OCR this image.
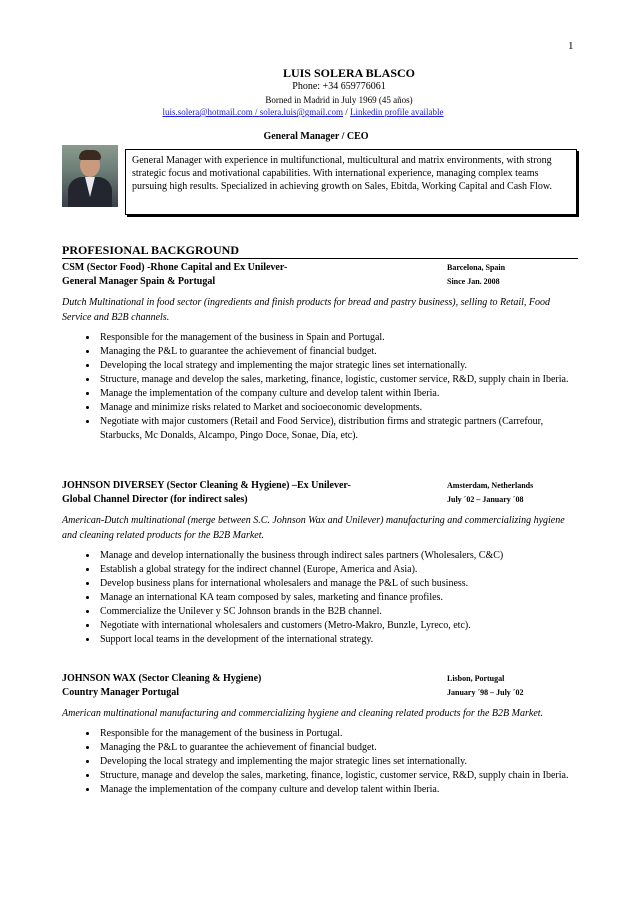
1
LUIS SOLERA BLASCO
Phone: +34 659776061
Borned in Madrid in July 1969 (45 años)
luis.solera@hotmail.com / solera.luis@gmail.com / Linkedin profile available
General Manager / CEO
General Manager with experience in multifunctional, multicultural and matrix environments, with strong strategic focus and motivational capabilities. With international experience, managing complex teams pursuing high results. Specialized in achieving growth on Sales, Ebitda, Working Capital and Cash Flow.
PROFESIONAL BACKGROUND
CSM (Sector Food) -Rhone Capital and Ex Unilever-	Barcelona, Spain
General Manager Spain & Portugal	Since Jan. 2008
Dutch Multinational in food sector (ingredients and finish products for bread and pastry business), selling to Retail, Food Service and B2B channels.
• Responsible for the management of the business in Spain and Portugal.
• Managing the P&L to guarantee the achievement of financial budget.
• Developing the local strategy and implementing the major strategic lines set internationally.
• Structure, manage and develop the sales, marketing, finance, logistic, customer service, R&D, supply chain in Iberia.
• Manage the implementation of the company culture and develop talent within Iberia.
• Manage and minimize risks related to Market and socioeconomic developments.
• Negotiate with major customers (Retail and Food Service), distribution firms and strategic partners (Carrefour, Starbucks, Mc Donalds, Alcampo, Pingo Doce, Sonae, Día, etc).
JOHNSON DIVERSEY (Sector Cleaning & Hygiene) –Ex Unilever-	Amsterdam, Netherlands
Global Channel Director (for indirect sales)	July ´02 – January ´08
American-Dutch multinational (merge between S.C. Johnson Wax and Unilever) manufacturing and commercializing hygiene and cleaning related products for the B2B Market.
• Manage and develop internationally the business through indirect sales partners (Wholesalers, C&C)
• Establish a global strategy for the indirect channel (Europe, America and Asia).
• Develop business plans for international wholesalers and manage the P&L of such business.
• Manage an international KA team composed by sales, marketing and finance profiles.
• Commercialize the Unilever y SC Johnson brands in the B2B channel.
• Negotiate with international wholesalers and customers (Metro-Makro, Bunzle, Lyreco, etc).
• Support local teams in the development of the international strategy.
JOHNSON WAX (Sector Cleaning & Hygiene)	Lisbon, Portugal
Country Manager Portugal	January ´98 – July ´02
American multinational manufacturing and commercializing hygiene and cleaning related products for the B2B Market.
• Responsible for the management of the business in Portugal.
• Managing the P&L to guarantee the achievement of financial budget.
• Developing the local strategy and implementing the major strategic lines set internationally.
• Structure, manage and develop the sales, marketing, finance, logistic, customer service, R&D, supply chain in Iberia.
• Manage the implementation of the company culture and develop talent within Iberia.
